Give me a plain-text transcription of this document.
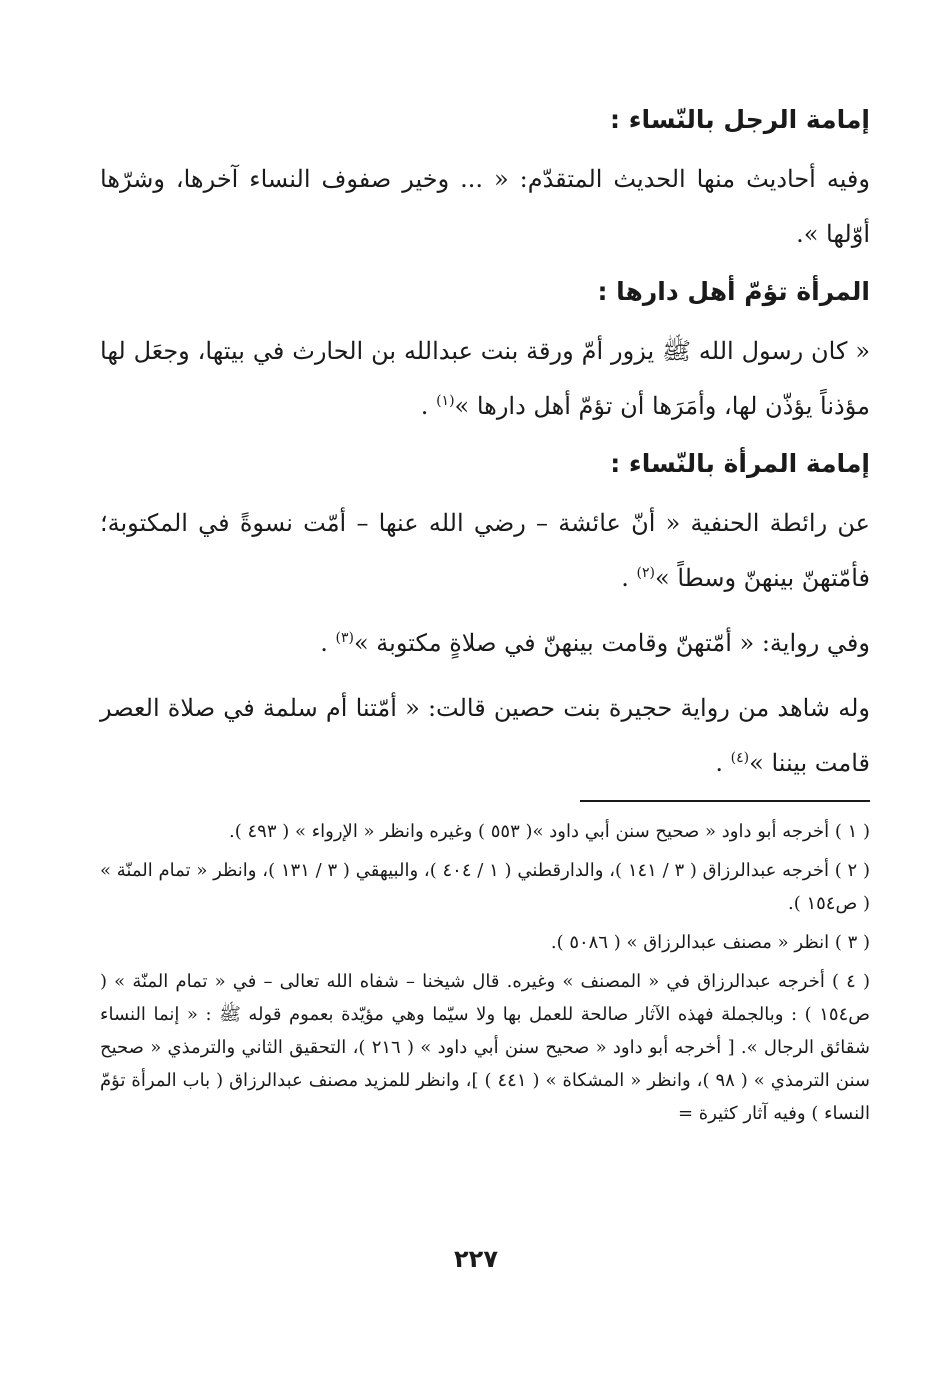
إمامة الرجل بالنّساء :

وفيه أحاديث منها الحديث المتقدّم: « ... وخير صفوف النساء آخرها، وشرّها أوّلها ».

المرأة تؤمّ أهل دارها :

« كان رسول الله ﷺ يزور أمّ ورقة بنت عبدالله بن الحارث في بيتها، وجعَل لها مؤذناً يؤذّن لها، وأمَرَها أن تؤمّ أهل دارها »$^{(١)}$ .

إمامة المرأة بالنّساء :

عن رائطة الحنفية « أنّ عائشة – رضي الله عنها – أمّت نسوةً في المكتوبة؛ فأمّتهنّ بينهنّ وسطاً »$^{(٢)}$ .

وفي رواية: « أمّتهنّ وقامت بينهنّ في صلاةٍ مكتوبة »$^{(٣)}$ .

وله شاهد من رواية حجيرة بنت حصين قالت: « أمّتنا أم سلمة في صلاة العصر قامت بيننا »$^{(٤)}$ .

( ١ ) أخرجه أبو داود « صحيح سنن أبي داود »( ٥٥٣ ) وغيره وانظر « الإرواء » ( ٤٩٣ ).

( ٢ ) أخرجه عبدالرزاق ( ٣ / ١٤١ )، والدارقطني ( ١ / ٤٠٤ )، والبيهقي ( ٣ / ١٣١ )، وانظر « تمام المنّة » ( ص١٥٤ ).

( ٣ ) انظر « مصنف عبدالرزاق » ( ٥٠٨٦ ).

( ٤ ) أخرجه عبدالرزاق في « المصنف » وغيره. قال شيخنا – شفاه الله تعالى – في « تمام المنّة » ( ص١٥٤ ) : وبالجملة فهذه الآثار صالحة للعمل بها ولا سيّما وهي مؤيّدة بعموم قوله ﷺ : « إنما النساء شقائق الرجال ». [ أخرجه أبو داود « صحيح سنن أبي داود » ( ٢١٦ )، التحقيق الثاني والترمذي « صحيح سنن الترمذي » ( ٩٨ )، وانظر « المشكاة » ( ٤٤١ ) ]، وانظر للمزيد مصنف عبدالرزاق ( باب المرأة تؤمّ النساء ) وفيه آثار كثيرة =

٢٢٧
